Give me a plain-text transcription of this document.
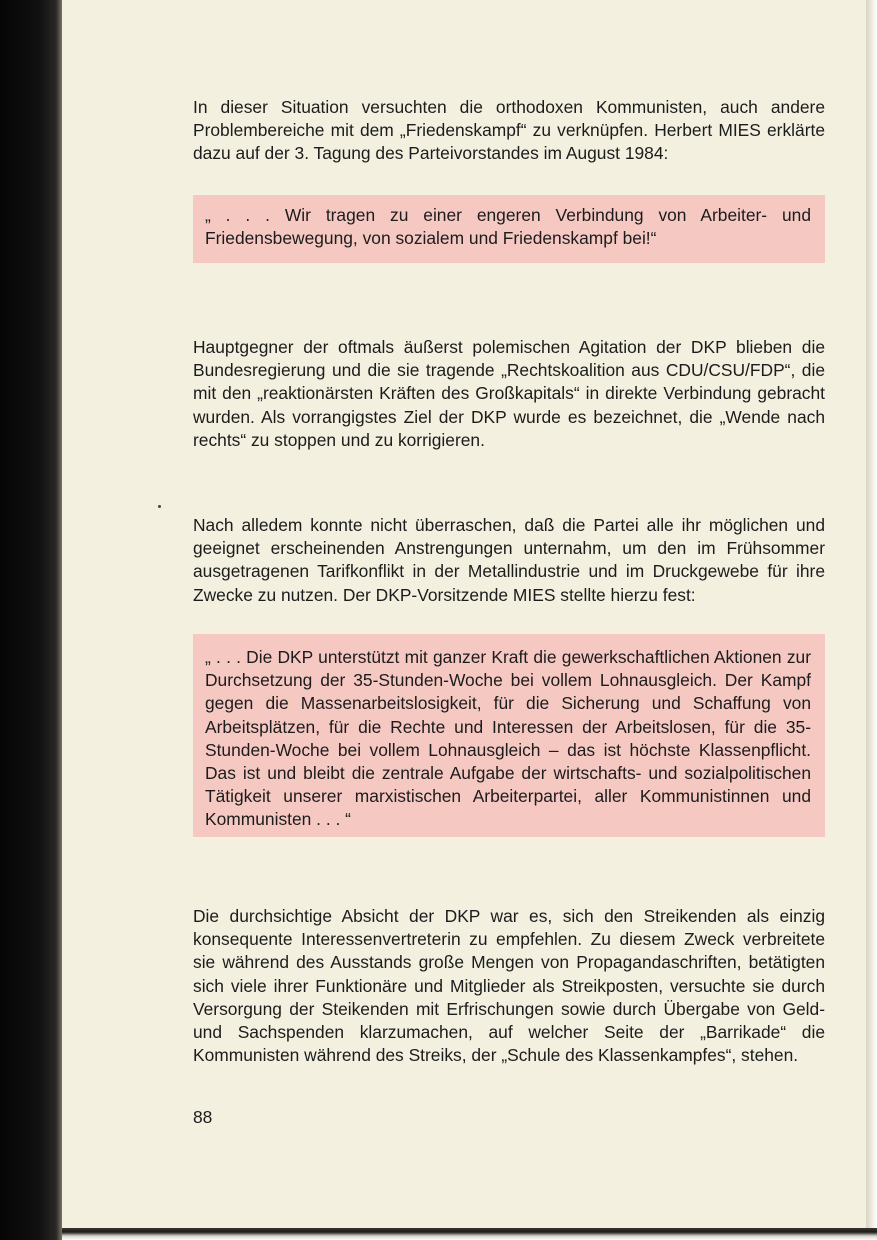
In dieser Situation versuchten die orthodoxen Kommunisten, auch andere Problembereiche mit dem „Friedenskampf“ zu verknüpfen. Herbert MIES erklärte dazu auf der 3. Tagung des Parteivorstandes im August 1984:

„ . . . Wir tragen zu einer engeren Verbindung von Arbeiter- und Friedensbewegung, von sozialem und Friedenskampf bei!“

Hauptgegner der oftmals äußerst polemischen Agitation der DKP blieben die Bundesregierung und die sie tragende „Rechtskoalition aus CDU/CSU/FDP“, die mit den „reaktionärsten Kräften des Großkapitals“ in direkte Verbindung gebracht wurden. Als vorrangigstes Ziel der DKP wurde es bezeichnet, die „Wende nach rechts“ zu stoppen und zu korrigieren.

Nach alledem konnte nicht überraschen, daß die Partei alle ihr möglichen und geeignet erscheinenden Anstrengungen unternahm, um den im Frühsommer ausgetragenen Tarifkonflikt in der Metallindustrie und im Druckgewebe für ihre Zwecke zu nutzen. Der DKP-Vorsitzende MIES stellte hierzu fest:

„ . . . Die DKP unterstützt mit ganzer Kraft die gewerkschaftlichen Aktionen zur Durchsetzung der 35-Stunden-Woche bei vollem Lohnausgleich. Der Kampf gegen die Massenarbeitslosigkeit, für die Sicherung und Schaffung von Arbeitsplätzen, für die Rechte und Interessen der Arbeitslosen, für die 35-Stunden-Woche bei vollem Lohnausgleich – das ist höchste Klassenpflicht. Das ist und bleibt die zentrale Aufgabe der wirtschafts- und sozialpolitischen Tätigkeit unserer marxistischen Arbeiterpartei, aller Kommunistinnen und Kommunisten . . . “

Die durchsichtige Absicht der DKP war es, sich den Streikenden als einzig konsequente Interessenvertreterin zu empfehlen. Zu diesem Zweck verbreitete sie während des Ausstands große Mengen von Propagandaschriften, betätigten sich viele ihrer Funktionäre und Mitglieder als Streikposten, versuchte sie durch Versorgung der Steikenden mit Erfrischungen sowie durch Übergabe von Geld- und Sachspenden klarzumachen, auf welcher Seite der „Barrikade“ die Kommunisten während des Streiks, der „Schule des Klassenkampfes“, stehen.

88
